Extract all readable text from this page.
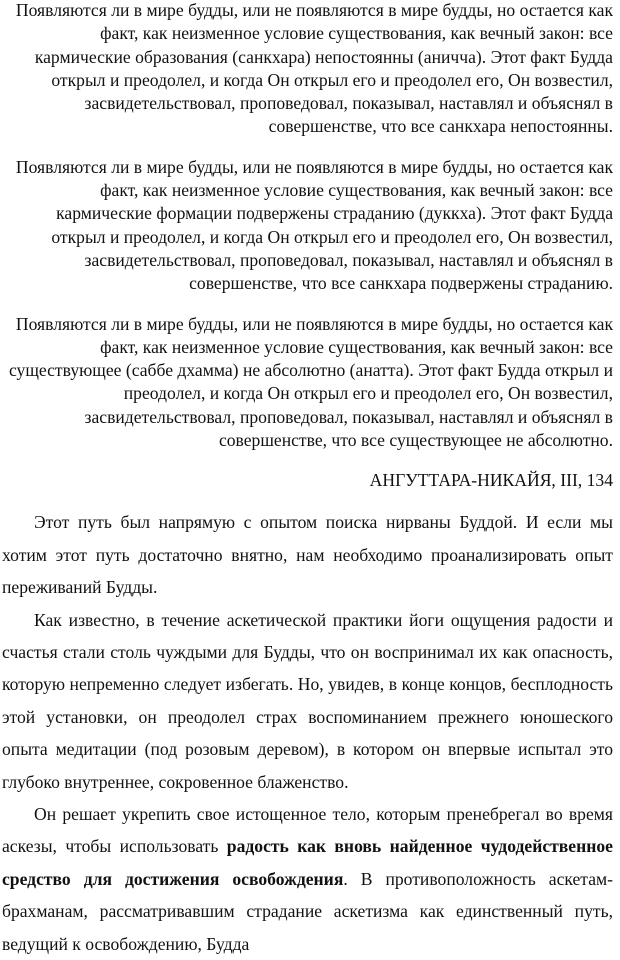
Появляются ли в мире будды, или не появляются в мире будды, но остается как факт, как неизменное условие существования, как вечный закон: все кармические образования (санкхара) непостоянны (аничча). Этот факт Будда открыл и преодолел, и когда Он открыл его и преодолел его, Он возвестил, засвидетельствовал, проповедовал, показывал, наставлял и объяснял в совершенстве, что все санкхара непостоянны.

Появляются ли в мире будды, или не появляются в мире будды, но остается как факт, как неизменное условие существования, как вечный закон: все кармические формации подвержены страданию (дуккха). Этот факт Будда открыл и преодолел, и когда Он открыл его и преодолел его, Он возвестил, засвидетельствовал, проповедовал, показывал, наставлял и объяснял в совершенстве, что все санкхара подвержены страданию.

Появляются ли в мире будды, или не появляются в мире будды, но остается как факт, как неизменное условие существования, как вечный закон: все существующее (саббе дхамма) не абсолютно (анатта). Этот факт Будда открыл и преодолел, и когда Он открыл его и преодолел его, Он возвестил, засвидетельствовал, проповедовал, показывал, наставлял и объяснял в совершенстве, что все существующее не абсолютно.

АНГУТТАРА-НИКАЙЯ, III, 134

Этот путь был напрямую с опытом поиска нирваны Буддой. И если мы хотим этот путь достаточно внятно, нам необходимо проанализировать опыт переживаний Будды.

Как известно, в течение аскетической практики йоги ощущения радости и счастья стали столь чуждыми для Будды, что он воспринимал их как опасность, которую непременно следует избегать. Но, увидев, в конце концов, бесплодность этой установки, он преодолел страх воспоминанием прежнего юношеского опыта медитации (под розовым деревом), в котором он впервые испытал это глубоко внутреннее, сокровенное блаженство.

Он решает укрепить свое истощенное тело, которым пренебрегал во время аскезы, чтобы использовать радость как вновь найденное чудодейственное средство для достижения освобождения. В противоположность аскетам-брахманам, рассматривавшим страдание аскетизма как единственный путь, ведущий к освобождению, Будда
